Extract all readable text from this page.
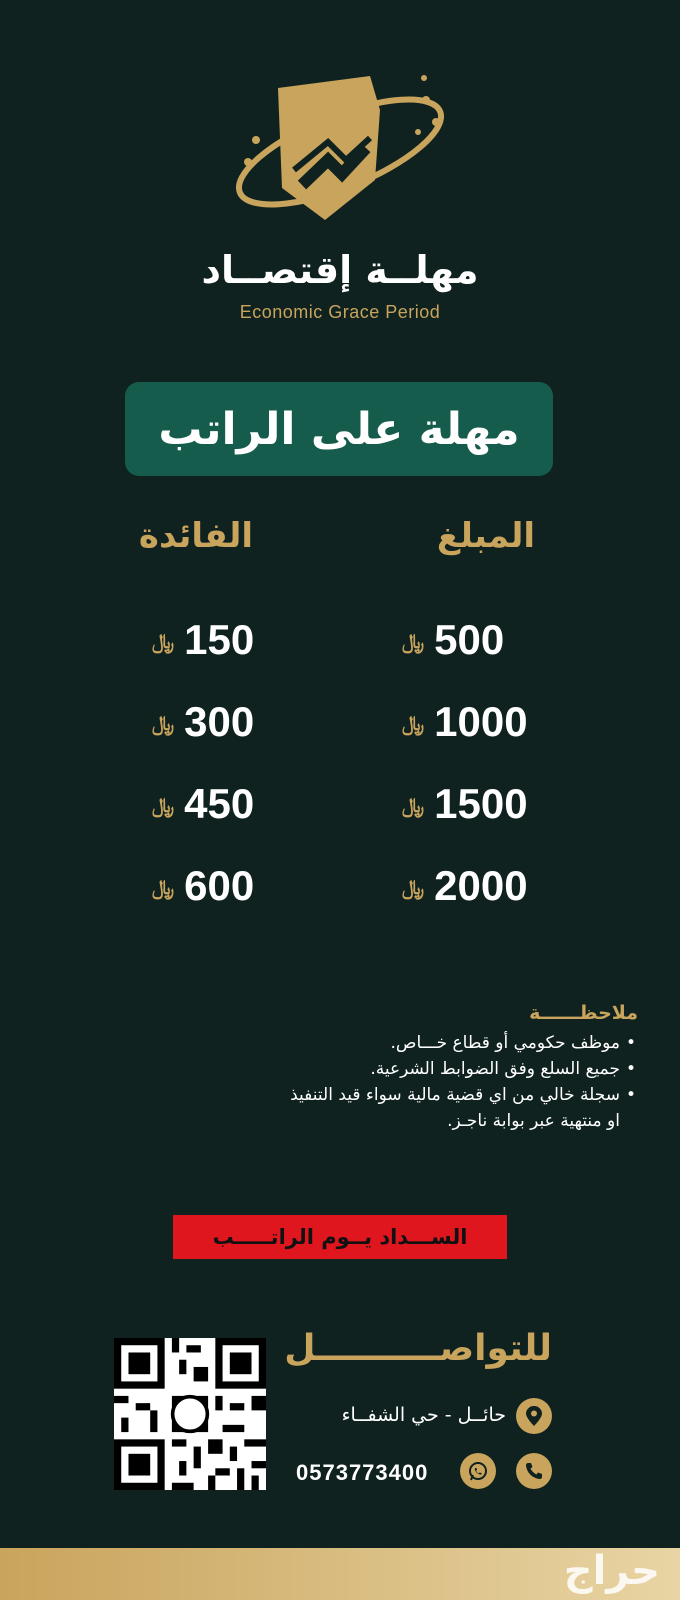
مهلــة إقتصــاد
Economic Grace Period
مهلة على الراتب
المبلغ
الفائدة
﷼ 500
﷼ 150
﷼ 1000
﷼ 300
﷼ 1500
﷼ 450
﷼ 2000
﷼ 600
ملاحظــــــة
• موظف حكومي أو قطاع خـــاص.
• جميع السلع وفق الضوابط الشرعية.
• سجلة خالي من اي قضية مالية سواء قيد التنفيذ او منتهية عبر بوابة ناجـز.
الســـداد يــوم الراتـــــب
للتواصــــــــــل
حائــل - حي الشفــاء
0573773400
حراج
